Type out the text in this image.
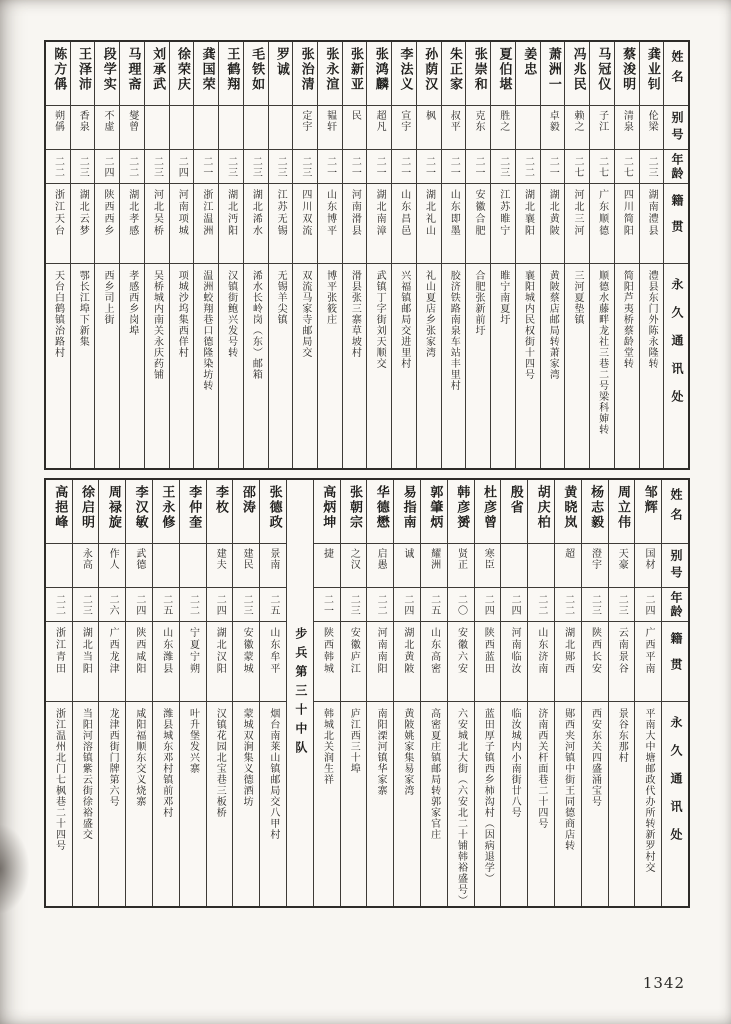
姓名
别号
年龄
籍贯
永久通讯处
龚业钊
伦梁
二三
湖南澧县
澧县东门外陈永隆转
蔡浚明
清泉
二七
四川简阳
简阳芦夷桥蔡龄堂转
马冠仪
子江
二七
广东顺德
顺德水藤畔龙社三巷二号梁科婶转
冯兆民
赖之
二七
河北三河
三河夏垫镇
萧洲一
卓毅
二一
湖北黄陂
黄陂蔡店邮局转萧家湾
姜忠
二二
湖北襄阳
襄阳城内民权街十四号
夏伯堪
胜之
二三
江苏睢宁
睢宁南夏圩
张崇和
克东
二一
安徽合肥
合肥张新前圩
朱正家
叔平
二一
山东即墨
胶济铁路南泉车站丰里村
孙荫汉
枫
二一
湖北礼山
礼山夏店乡张家湾
李法义
宣宇
二一
山东昌邑
兴福镇邮局交进里村
张鸿麟
超凡
二一
湖北南漳
武镇丁字街刘天顺交
张新亚
民
二一
河南滑县
滑县张三寨草坡村
张永渲
韫轩
二一
山东博平
博平张筱庄
张治清
定宇
二三
四川双流
双流马家寺邮局交
罗诚
二三
江苏无锡
无锡羊尖镇
毛铁如
二三
湖北浠水
浠水长岭岗（东）邮箱
王鹤翔
二三
湖北沔阳
汉镇街鲍兴发号转
龚国荣
二一
浙江温洲
温洲蛟翔巷口德隆染坊转
徐荣庆
二四
河南项城
项城沙坞集西佯村
刘承武
二三
河北吴桥
吴桥城内南关永庆药铺
马理斋
燮曾
二二
湖北孝感
孝感西乡岗埠
段学实
不虚
二四
陕西西乡
西乡司上街
王泽沛
香泉
二三
湖北云梦
鄂长江埠下新集
陈方偁
朔偁
二二
浙江天台
天台白鹤镇治路村
姓名
别号
年龄
籍贯
永久通讯处
邹辉
国材
二四
广西平南
平南大中塘邮政代办所转新罗村交
周立伟
天豪
二三
云南景谷
景谷东那村
杨志毅
澄宇
二三
陕西长安
西安东关四盛涌宝号
黄晓岚
超
二二
湖北郧西
郧西夹河镇中街王同德商店转
胡庆柏
二二
山东济南
济南西关杆面巷二十四号
殷省
二四
河南临汝
临汝城内小南街廿八号
杜彦曾
寒臣
二四
陕西蓝田
蓝田厚子镇西乡柿沟村（因病退学）
韩彦赟
贤正
二〇
安徽六安
六安城北大街（六安北二十铺韩裕盛号）
郭肇炳
耀洲
二五
山东高密
高密夏庄镇邮局转郭家官庄
易指南
诚
二四
湖北黄陂
黄陂姚家集易家湾
华德懋
启愚
二二
河南南阳
南阳溧河镇华家寨
张朝宗
之汉
二三
安徽庐江
庐江西三十埠
高炳坤
捷
二一
陕西韩城
韩城北关润生祥
步兵第三十中队
张德政
景南
二五
山东牟平
烟台南莱山镇邮局交八甲村
邵涛
建民
二三
安徽蒙城
蒙城双涧集义德酒坊
李枚
建夫
二四
湖北汉阳
汉镇花园北宝巷三板桥
李仲奎
二二
宁夏宁朔
叶升堡发兴寨
王永修
二五
山东潍县
潍县城东邓村镇前邓村
李汉敏
武德
二四
陕西咸阳
咸阳福顺东交义烧寨
周禄旋
作人
二六
广西龙津
龙津西街门牌第六号
徐启明
永高
二三
湖北当阳
当阳河溶镇紫云街徐裕盛交
高挹峰
二二
浙江青田
浙江温州北门七枫巷二十四号
1342
